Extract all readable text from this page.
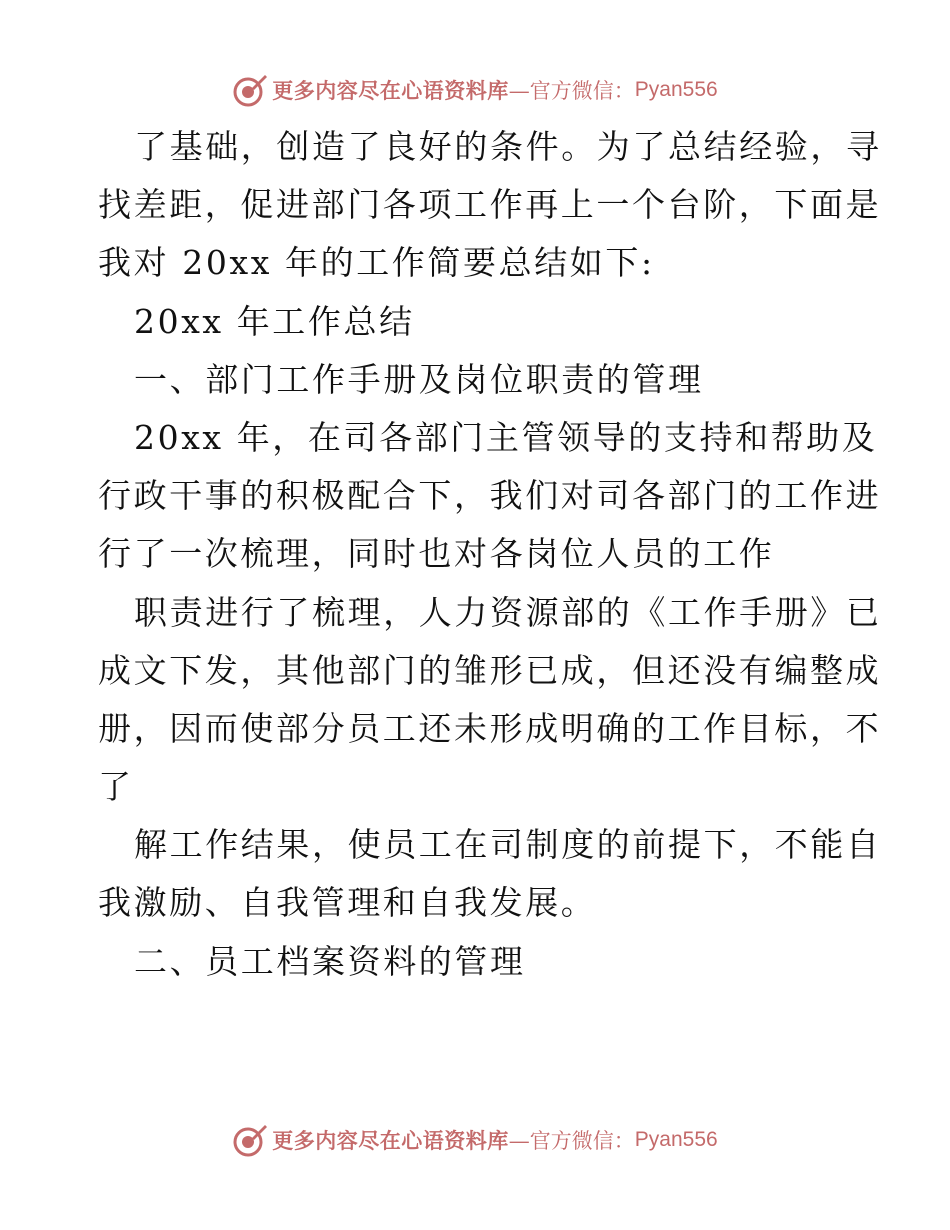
更多内容尽在心语资料库 —官方微信： Pyan556
了基础，创造了良好的条件。为了总结经验，寻
找差距，促进部门各项工作再上一个台阶，下面是
我对 20xx 年的工作简要总结如下:
20xx 年工作总结
一、部门工作手册及岗位职责的管理
20xx 年，在司各部门主管领导的支持和帮助及
行政干事的积极配合下，我们对司各部门的工作进
行了一次梳理，同时也对各岗位人员的工作
职责进行了梳理，人力资源部的《工作手册》已
成文下发，其他部门的雏形已成，但还没有编整成
册，因而使部分员工还未形成明确的工作目标，不
了
解工作结果，使员工在司制度的前提下，不能自
我激励、自我管理和自我发展。
二、员工档案资料的管理
更多内容尽在心语资料库 —官方微信： Pyan556
